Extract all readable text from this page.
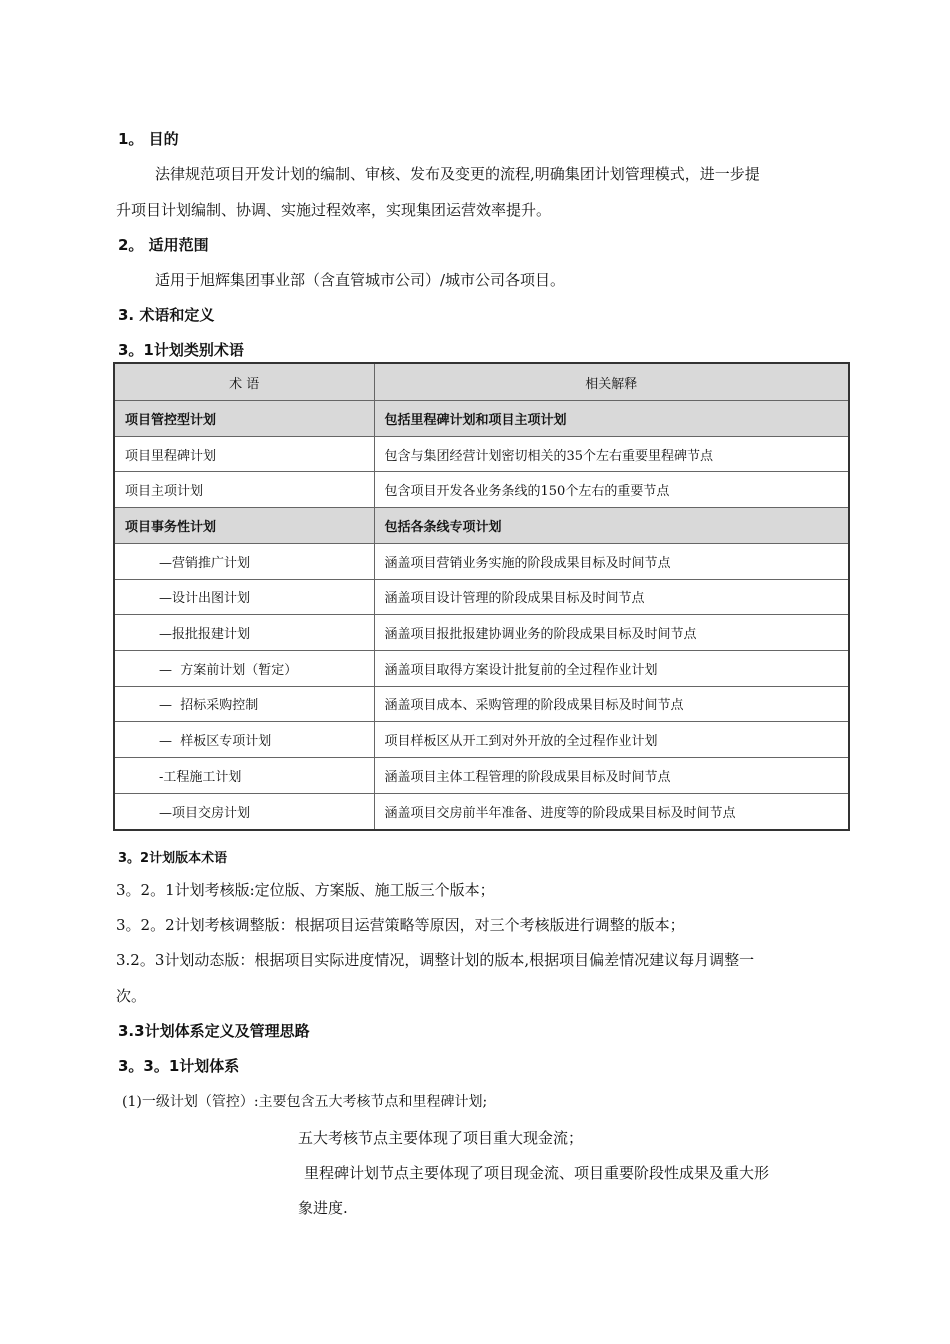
1。 目的
法律规范项目开发计划的编制、审核、发布及变更的流程,明确集团计划管理模式，进一步提
升项目计划编制、协调、实施过程效率，实现集团运营效率提升。
2。 适用范围
适用于旭辉集团事业部（含直管城市公司）/城市公司各项目。
3. 术语和定义
3。1计划类别术语
术 语	相关解释
项目管控型计划	包括里程碑计划和项目主项计划
项目里程碑计划	包含与集团经营计划密切相关的35个左右重要里程碑节点
项目主项计划	包含项目开发各业务条线的150个左右的重要节点
项目事务性计划	包括各条线专项计划
—营销推广计划	涵盖项目营销业务实施的阶段成果目标及时间节点
—设计出图计划	涵盖项目设计管理的阶段成果目标及时间节点
—报批报建计划	涵盖项目报批报建协调业务的阶段成果目标及时间节点
—  方案前计划（暂定）	涵盖项目取得方案设计批复前的全过程作业计划
—  招标采购控制	涵盖项目成本、采购管理的阶段成果目标及时间节点
—  样板区专项计划	项目样板区从开工到对外开放的全过程作业计划
-工程施工计划	涵盖项目主体工程管理的阶段成果目标及时间节点
—项目交房计划	涵盖项目交房前半年准备、进度等的阶段成果目标及时间节点
3。2计划版本术语
3。2。1计划考核版:定位版、方案版、施工版三个版本；
3。2。2计划考核调整版：根据项目运营策略等原因，对三个考核版进行调整的版本；
3.2。3计划动态版：根据项目实际进度情况，调整计划的版本,根据项目偏差情况建议每月调整一
次。
3.3计划体系定义及管理思路
3。3。1计划体系
(1)一级计划（管控）:主要包含五大考核节点和里程碑计划;
五大考核节点主要体现了项目重大现金流；
里程碑计划节点主要体现了项目现金流、项目重要阶段性成果及重大形
象进度.
